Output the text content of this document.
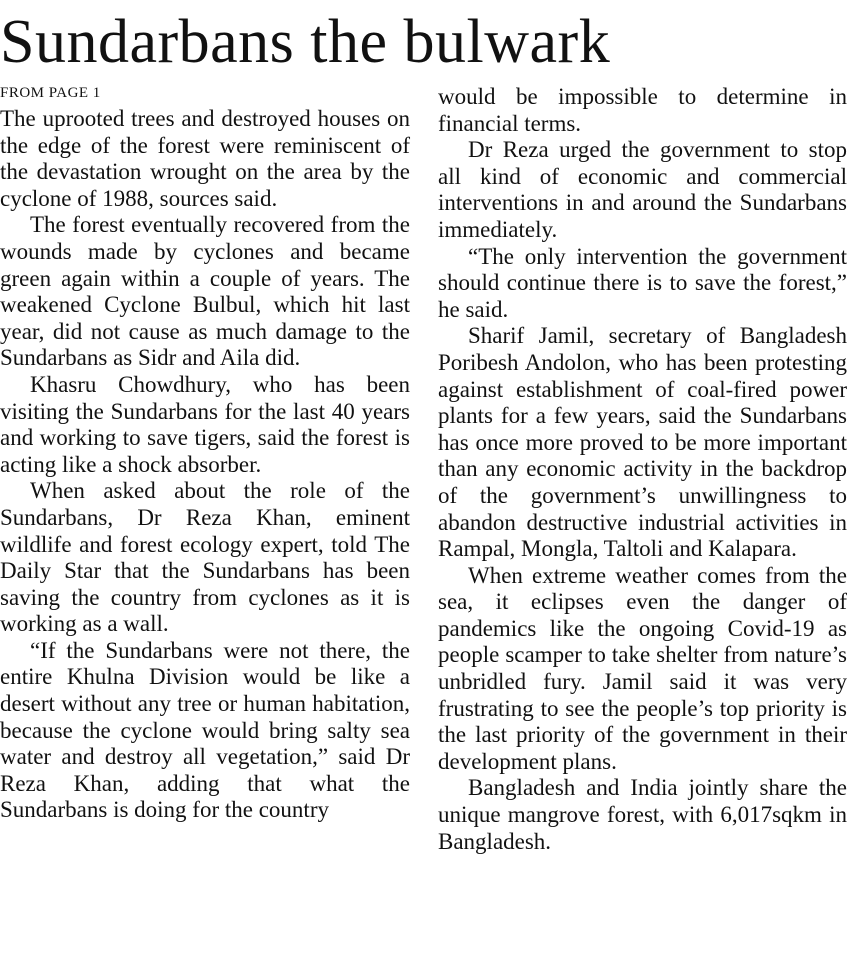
Sundarbans the bulwark
FROM PAGE 1

The uprooted trees and destroyed houses on the edge of the forest were reminiscent of the devastation wrought on the area by the cyclone of 1988, sources said.

The forest eventually recovered from the wounds made by cyclones and became green again within a couple of years. The weakened Cyclone Bulbul, which hit last year, did not cause as much damage to the Sundarbans as Sidr and Aila did.

Khasru Chowdhury, who has been visiting the Sundarbans for the last 40 years and working to save tigers, said the forest is acting like a shock absorber.

When asked about the role of the Sundarbans, Dr Reza Khan, eminent wildlife and forest ecology expert, told The Daily Star that the Sundarbans has been saving the country from cyclones as it is working as a wall.

“If the Sundarbans were not there, the entire Khulna Division would be like a desert without any tree or human habitation, because the cyclone would bring salty sea water and destroy all vegetation,” said Dr Reza Khan, adding that what the Sundarbans is doing for the country

would be impossible to determine in financial terms.

Dr Reza urged the government to stop all kind of economic and commercial interventions in and around the Sundarbans immediately.

“The only intervention the government should continue there is to save the forest,” he said.

Sharif Jamil, secretary of Bangladesh Poribesh Andolon, who has been protesting against establishment of coal-fired power plants for a few years, said the Sundarbans has once more proved to be more important than any economic activity in the backdrop of the government’s unwillingness to abandon destructive industrial activities in Rampal, Mongla, Taltoli and Kalapara.

When extreme weather comes from the sea, it eclipses even the danger of pandemics like the ongoing Covid-19 as people scamper to take shelter from nature’s unbridled fury. Jamil said it was very frustrating to see the people’s top priority is the last priority of the government in their development plans.

Bangladesh and India jointly share the unique mangrove forest, with 6,017sqkm in Bangladesh.
